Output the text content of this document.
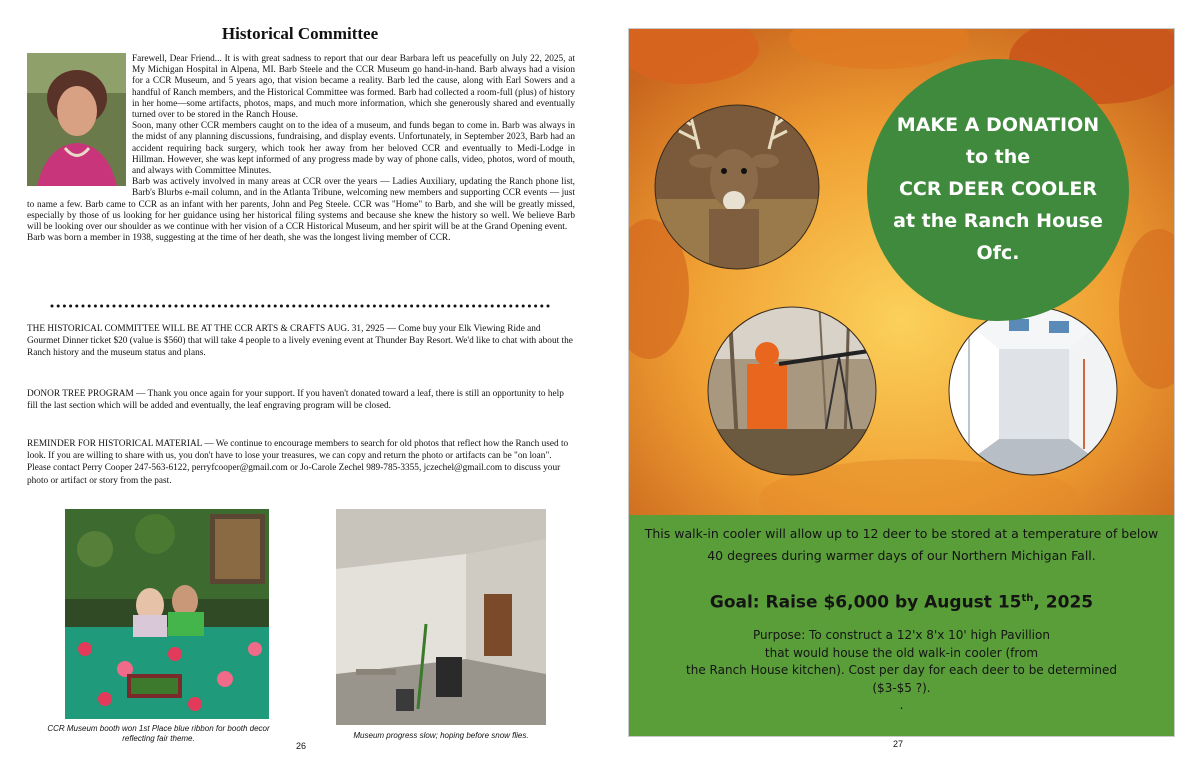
Historical Committee

Farewell, Dear Friend... It is with great sadness to report that our dear Barbara left us peacefully on July 22, 2025, at My Michigan Hospital in Alpena, MI. Barb Steele and the CCR Museum go hand-in-hand. Barb always had a vision for a CCR Museum, and 5 years ago, that vision became a reality. Barb led the cause, along with Earl Sowers and a handful of Ranch members, and the Historical Committee was formed. Barb had collected a room-full (plus) of history in her home—some artifacts, photos, maps, and much more information, which she generously shared and eventually turned over to be stored in the Ranch House.

Soon, many other CCR members caught on to the idea of a museum, and funds began to come in. Barb was always in the midst of any planning discussions, fundraising, and display events. Unfortunately, in September 2023, Barb had an accident requiring back surgery, which took her away from her beloved CCR and eventually to Medi-Lodge in Hillman. However, she was kept informed of any progress made by way of phone calls, video, photos, word of mouth, and always with Committee Minutes.

Barb was actively involved in many areas at CCR over the years — Ladies Auxiliary, updating the Ranch phone list, Barb's Blurbs e-mail column, and in the Atlanta Tribune, welcoming new members and supporting CCR events — just to name a few. Barb came to CCR as an infant with her parents, John and Peg Steele. CCR was "Home" to Barb, and she will be greatly missed, especially by those of us looking for her guidance using her historical filing systems and because she knew the history so well. We believe Barb will be looking over our shoulder as we continue with her vision of a CCR Historical Museum, and her spirit will be at the Grand Opening event.

Barb was born a member in 1938, suggesting at the time of her death, she was the longest living member of CCR.

THE HISTORICAL COMMITTEE WILL BE AT THE CCR ARTS & CRAFTS AUG. 31, 2925 — Come buy your Elk Viewing Ride and Gourmet Dinner ticket $20 (value is $560) that will take 4 people to a lively evening event at Thunder Bay Resort. We'd like to chat with about the Ranch history and the museum status and plans.
DONOR TREE PROGRAM — Thank you once again for your support. If you haven't donated toward a leaf, there is still an opportunity to help fill the last section which will be added and eventually, the leaf engraving program will be closed.
REMINDER FOR HISTORICAL MATERIAL — We continue to encourage members to search for old photos that reflect how the Ranch used to look. If you are willing to share with us, you don't have to lose your treasures, we can copy and return the photo or artifacts can be "on loan". Please contact Perry Cooper 247-563-6122, perryfcooper@gmail.com or Jo-Carole Zechel 989-785-3355, jczechel@gmail.com to discuss your photo or artifact or story from the past.
CCR Museum booth won 1st Place blue ribbon for booth decor reflecting fair theme.
26
Museum progress slow; hoping before snow flies.
MAKE A DONATION
to the
CCR DEER COOLER
at the Ranch House
Ofc.
This walk-in cooler will allow up to 12 deer to be stored at a temperature of below
40 degrees during warmer days of our Northern Michigan Fall.
Goal: Raise $6,000 by August 15th, 2025
Purpose: To construct a 12'x 8'x 10' high Pavillion
that would house the old walk-in cooler (from
the Ranch House kitchen). Cost per day for each deer to be determined
($3-$5 ?).
.
27
